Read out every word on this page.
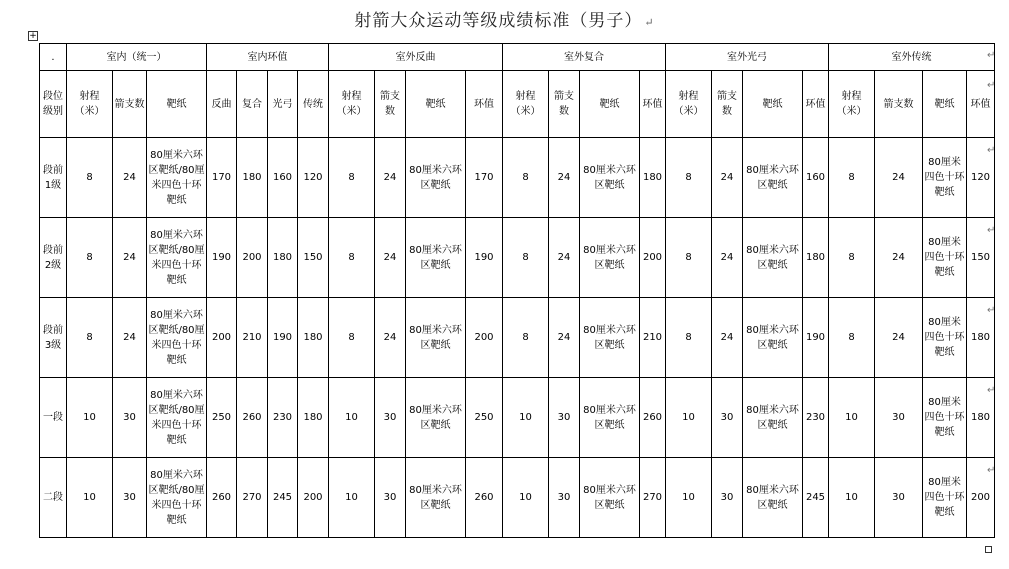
射箭大众运动等级成绩标准（男子） ↵
+
.	室内（统一）			室内环值				室外反曲				室外复合				室外光弓				室外传统			
段位级别	射程（米）	箭支数	靶纸	反曲	复合	光弓	传统	射程（米）	箭支数	靶纸	环值	射程（米）	箭支数	靶纸	环值	射程（米）	箭支数	靶纸	环值	射程（米）	箭支数	靶纸	环值
段前1级	8	24	80厘米六环区靶纸/80厘米四色十环靶纸	170	180	160	120	8	24	80厘米六环区靶纸	170	8	24	80厘米六环区靶纸	180	8	24	80厘米六环区靶纸	160	8	24	80厘米四色十环靶纸	120
段前2级	8	24	80厘米六环区靶纸/80厘米四色十环靶纸	190	200	180	150	8	24	80厘米六环区靶纸	190	8	24	80厘米六环区靶纸	200	8	24	80厘米六环区靶纸	180	8	24	80厘米四色十环靶纸	150
段前3级	8	24	80厘米六环区靶纸/80厘米四色十环靶纸	200	210	190	180	8	24	80厘米六环区靶纸	200	8	24	80厘米六环区靶纸	210	8	24	80厘米六环区靶纸	190	8	24	80厘米四色十环靶纸	180
一段	10	30	80厘米六环区靶纸/80厘米四色十环靶纸	250	260	230	180	10	30	80厘米六环区靶纸	250	10	30	80厘米六环区靶纸	260	10	30	80厘米六环区靶纸	230	10	30	80厘米四色十环靶纸	180
二段	10	30	80厘米六环区靶纸/80厘米四色十环靶纸	260	270	245	200	10	30	80厘米六环区靶纸	260	10	30	80厘米六环区靶纸	270	10	30	80厘米六环区靶纸	245	10	30	80厘米四色十环靶纸	200
↵
↵
↵
↵
↵
↵
↵
